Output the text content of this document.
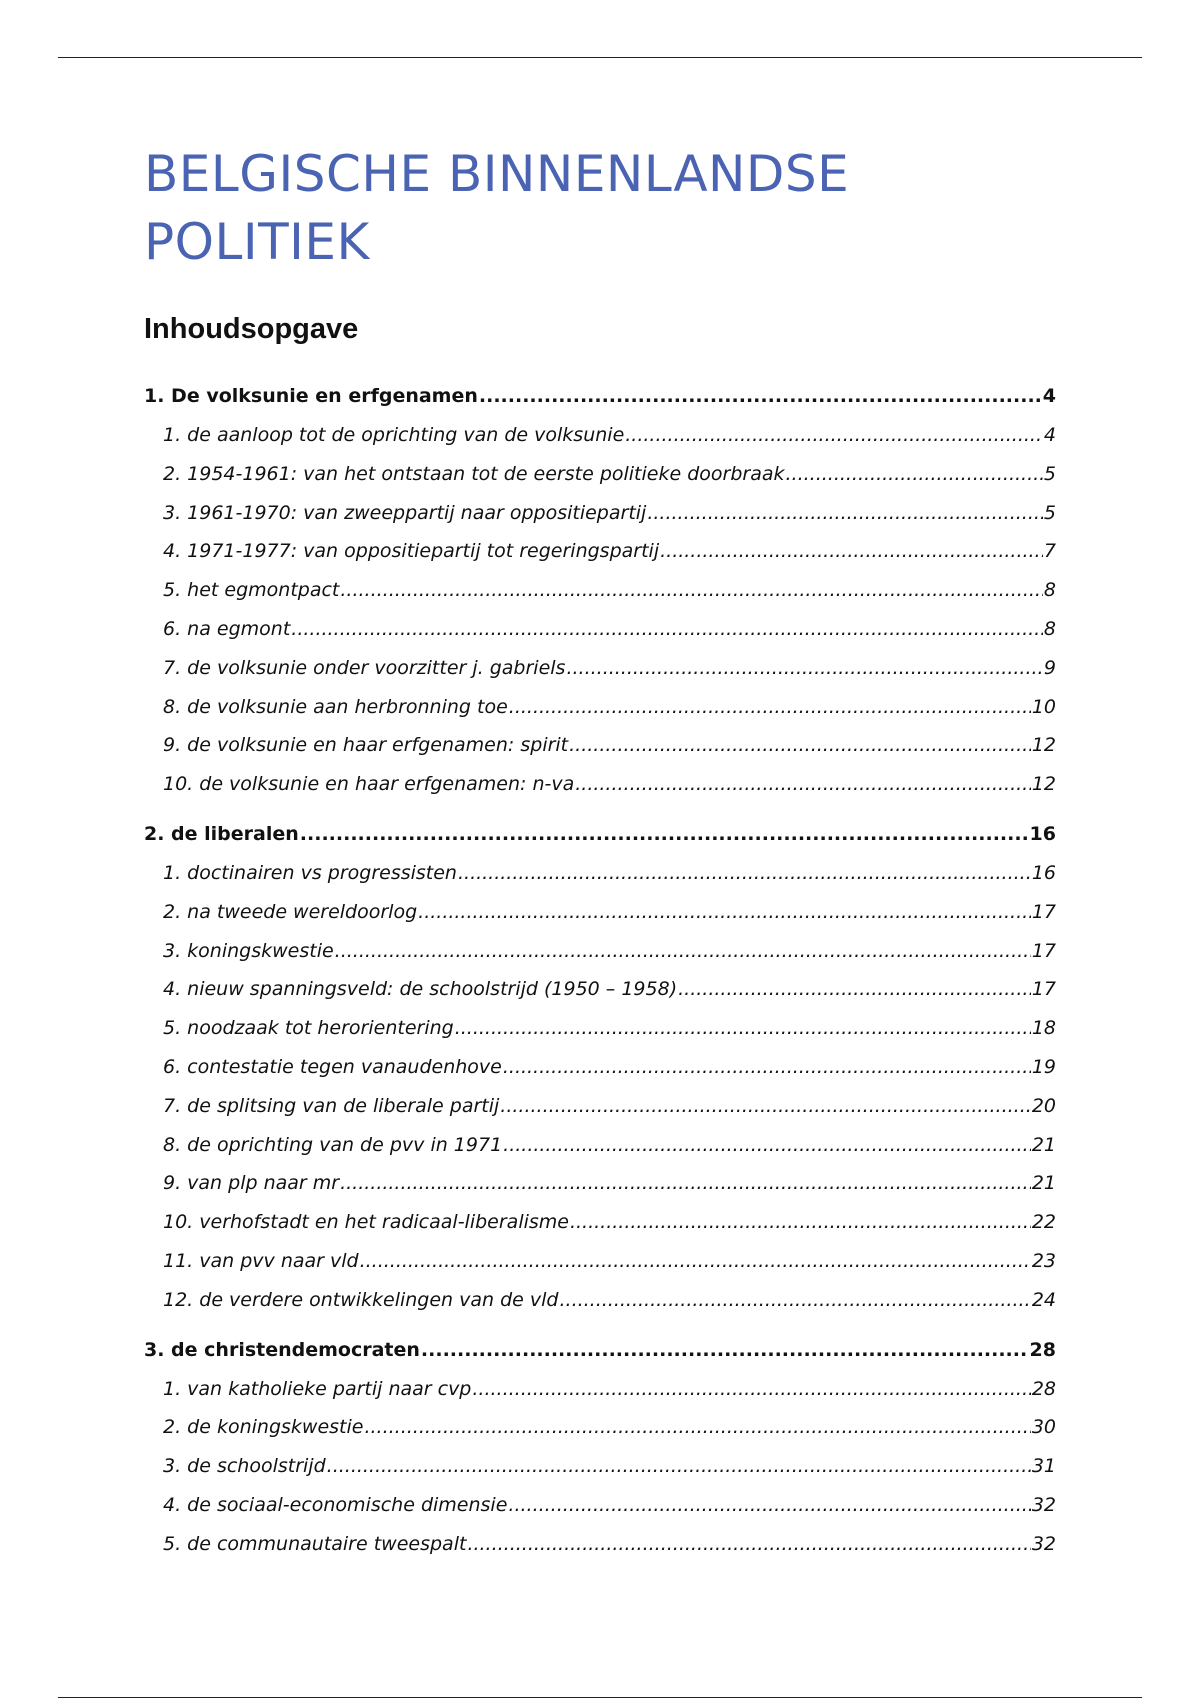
BELGISCHE BINNENLANDSE
POLITIEK
Inhoudsopgave
1. De volksunie en erfgenamen .....	4
1. de aanloop tot de oprichting van de volksunie .....	4
2. 1954-1961: van het ontstaan tot de eerste politieke doorbraak .....	5
3. 1961-1970: van zweeppartij naar oppositiepartij .....	5
4. 1971-1977: van oppositiepartij tot regeringspartij .....	7
5. het egmontpact .....	8
6. na egmont .....	8
7. de volksunie onder voorzitter j. gabriels .....	9
8. de volksunie aan herbronning toe .....	10
9. de volksunie en haar erfgenamen: spirit .....	12
10. de volksunie en haar erfgenamen: n-va .....	12
2. de liberalen .....	16
1. doctinairen vs progressisten .....	16
2. na tweede wereldoorlog .....	17
3. koningskwestie .....	17
4. nieuw spanningsveld: de schoolstrijd (1950 – 1958) .....	17
5. noodzaak tot herorientering .....	18
6. contestatie tegen vanaudenhove .....	19
7. de splitsing van de liberale partij .....	20
8. de oprichting van de pvv in 1971 .....	21
9. van plp naar mr .....	21
10. verhofstadt en het radicaal-liberalisme .....	22
11. van pvv naar vld .....	23
12. de verdere ontwikkelingen van de vld .....	24
3. de christendemocraten .....	28
1. van katholieke partij naar cvp .....	28
2. de koningskwestie .....	30
3. de schoolstrijd .....	31
4. de sociaal-economische dimensie .....	32
5. de communautaire tweespalt .....	32
